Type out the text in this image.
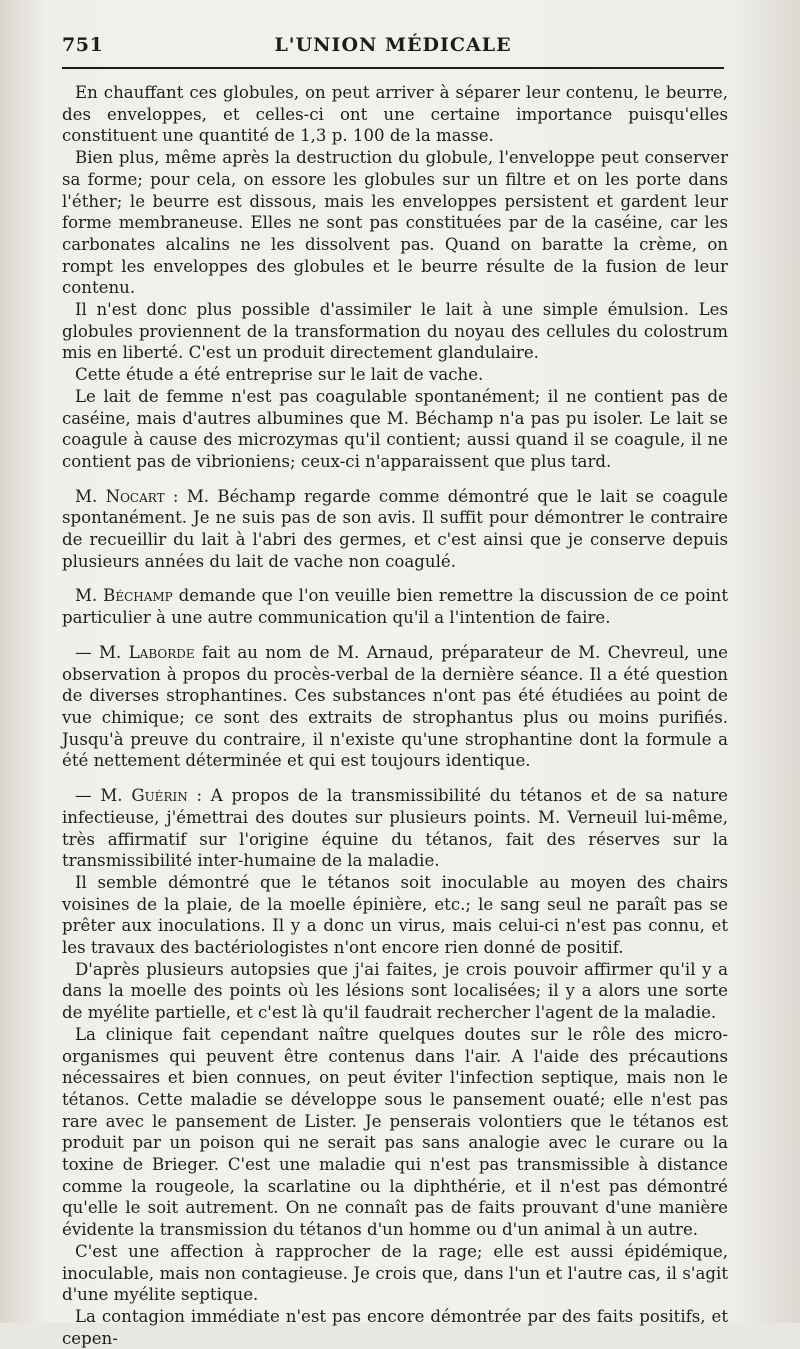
751	L'UNION MÉDICALE

En chauffant ces globules, on peut arriver à séparer leur contenu, le beurre, des enveloppes, et celles-ci ont une certaine importance puisqu'elles constituent une quantité de 1,3 p. 100 de la masse.

Bien plus, même après la destruction du globule, l'enveloppe peut conserver sa forme; pour cela, on essore les globules sur un filtre et on les porte dans l'éther; le beurre est dissous, mais les enveloppes persistent et gardent leur forme membraneuse. Elles ne sont pas constituées par de la caséine, car les carbonates alcalins ne les dissolvent pas. Quand on baratte la crème, on rompt les enveloppes des globules et le beurre résulte de la fusion de leur contenu.

Il n'est donc plus possible d'assimiler le lait à une simple émulsion. Les globules proviennent de la transformation du noyau des cellules du colostrum mis en liberté. C'est un produit directement glandulaire.

Cette étude a été entreprise sur le lait de vache.

Le lait de femme n'est pas coagulable spontanément; il ne contient pas de caséine, mais d'autres albumines que M. Béchamp n'a pas pu isoler. Le lait se coagule à cause des microzymas qu'il contient; aussi quand il se coagule, il ne contient pas de vibrioniens; ceux-ci n'apparaissent que plus tard.

M. Nocart : M. Béchamp regarde comme démontré que le lait se coagule spontanément. Je ne suis pas de son avis. Il suffit pour démontrer le contraire de recueillir du lait à l'abri des germes, et c'est ainsi que je conserve depuis plusieurs années du lait de vache non coagulé.

M. Béchamp demande que l'on veuille bien remettre la discussion de ce point particulier à une autre communication qu'il a l'intention de faire.

— M. Laborde fait au nom de M. Arnaud, préparateur de M. Chevreul, une observation à propos du procès-verbal de la dernière séance. Il a été question de diverses strophantines. Ces substances n'ont pas été étudiées au point de vue chimique; ce sont des extraits de strophantus plus ou moins purifiés. Jusqu'à preuve du contraire, il n'existe qu'une strophantine dont la formule a été nettement déterminée et qui est toujours identique.

— M. Guérin : A propos de la transmissibilité du tétanos et de sa nature infectieuse, j'émettrai des doutes sur plusieurs points. M. Verneuil lui-même, très affirmatif sur l'origine équine du tétanos, fait des réserves sur la transmissibilité inter-humaine de la maladie.

Il semble démontré que le tétanos soit inoculable au moyen des chairs voisines de la plaie, de la moelle épinière, etc.; le sang seul ne paraît pas se prêter aux inoculations. Il y a donc un virus, mais celui-ci n'est pas connu, et les travaux des bactériologistes n'ont encore rien donné de positif.

D'après plusieurs autopsies que j'ai faites, je crois pouvoir affirmer qu'il y a dans la moelle des points où les lésions sont localisées; il y a alors une sorte de myélite partielle, et c'est là qu'il faudrait rechercher l'agent de la maladie.

La clinique fait cependant naître quelques doutes sur le rôle des micro-organismes qui peuvent être contenus dans l'air. A l'aide des précautions nécessaires et bien connues, on peut éviter l'infection septique, mais non le tétanos. Cette maladie se développe sous le pansement ouaté; elle n'est pas rare avec le pansement de Lister. Je penserais volontiers que le tétanos est produit par un poison qui ne serait pas sans analogie avec le curare ou la toxine de Brieger. C'est une maladie qui n'est pas transmissible à distance comme la rougeole, la scarlatine ou la diphthérie, et il n'est pas démontré qu'elle le soit autrement. On ne connaît pas de faits prouvant d'une manière évidente la transmission du tétanos d'un homme ou d'un animal à un autre.

C'est une affection à rapprocher de la rage; elle est aussi épidémique, inoculable, mais non contagieuse. Je crois que, dans l'un et l'autre cas, il s'agit d'une myélite septique.

La contagion immédiate n'est pas encore démontrée par des faits positifs, et cepen-
